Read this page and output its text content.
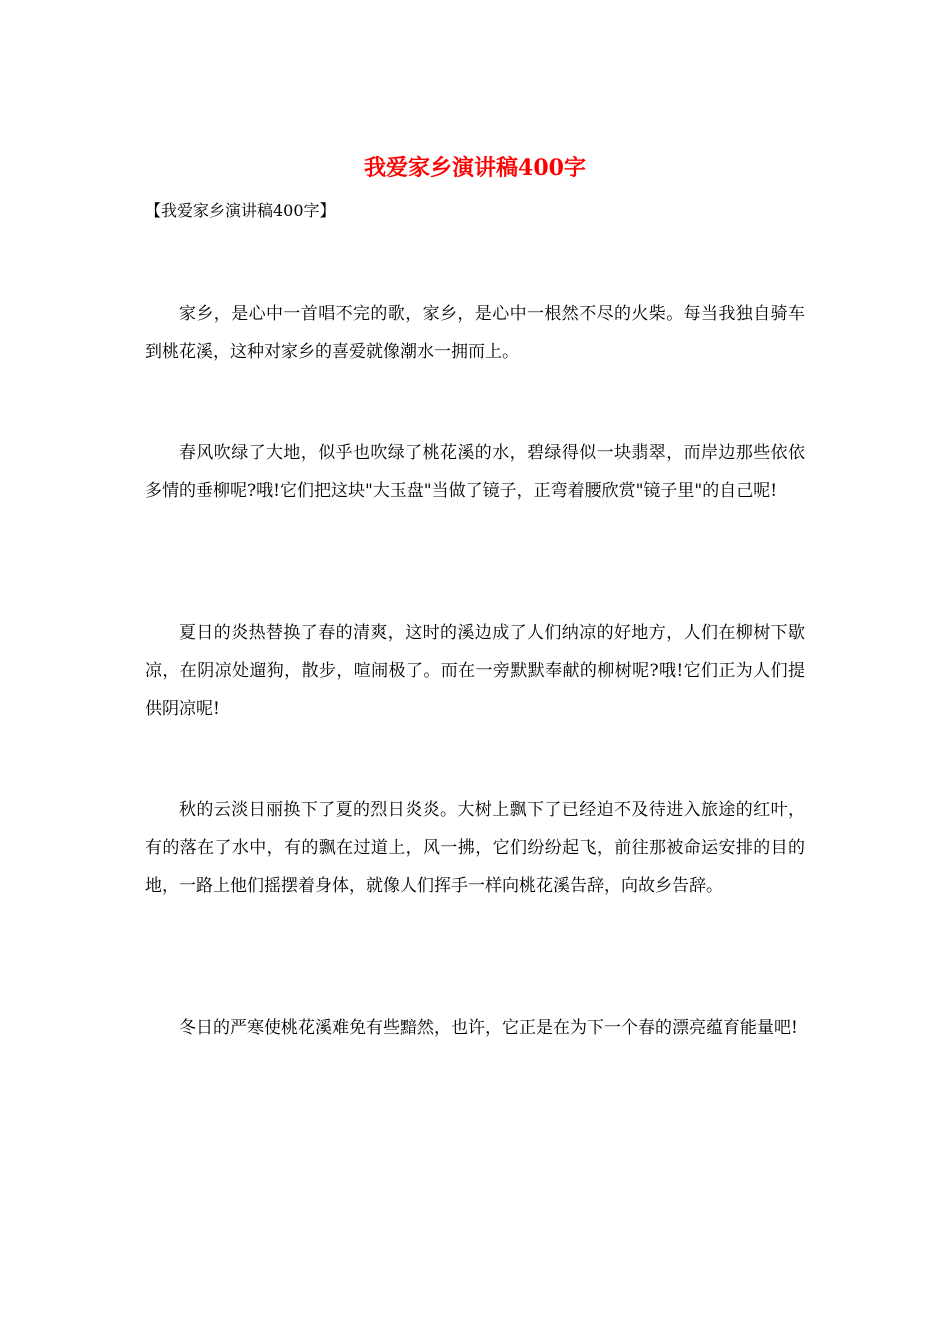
我爱家乡演讲稿400字

【我爱家乡演讲稿400字】

家乡，是心中一首唱不完的歌，家乡，是心中一根然不尽的火柴。每当我独自骑车到桃花溪，这种对家乡的喜爱就像潮水一拥而上。

春风吹绿了大地，似乎也吹绿了桃花溪的水，碧绿得似一块翡翠，而岸边那些依依多情的垂柳呢?哦!它们把这块"大玉盘"当做了镜子，正弯着腰欣赏"镜子里"的自己呢!

夏日的炎热替换了春的清爽，这时的溪边成了人们纳凉的好地方，人们在柳树下歇凉，在阴凉处遛狗，散步，喧闹极了。而在一旁默默奉献的柳树呢?哦!它们正为人们提供阴凉呢!

秋的云淡日丽换下了夏的烈日炎炎。大树上飘下了已经迫不及待进入旅途的红叶，有的落在了水中，有的飘在过道上，风一拂，它们纷纷起飞，前往那被命运安排的目的地，一路上他们摇摆着身体，就像人们挥手一样向桃花溪告辞，向故乡告辞。

冬日的严寒使桃花溪难免有些黯然，也许，它正是在为下一个春的漂亮蕴育能量吧!
